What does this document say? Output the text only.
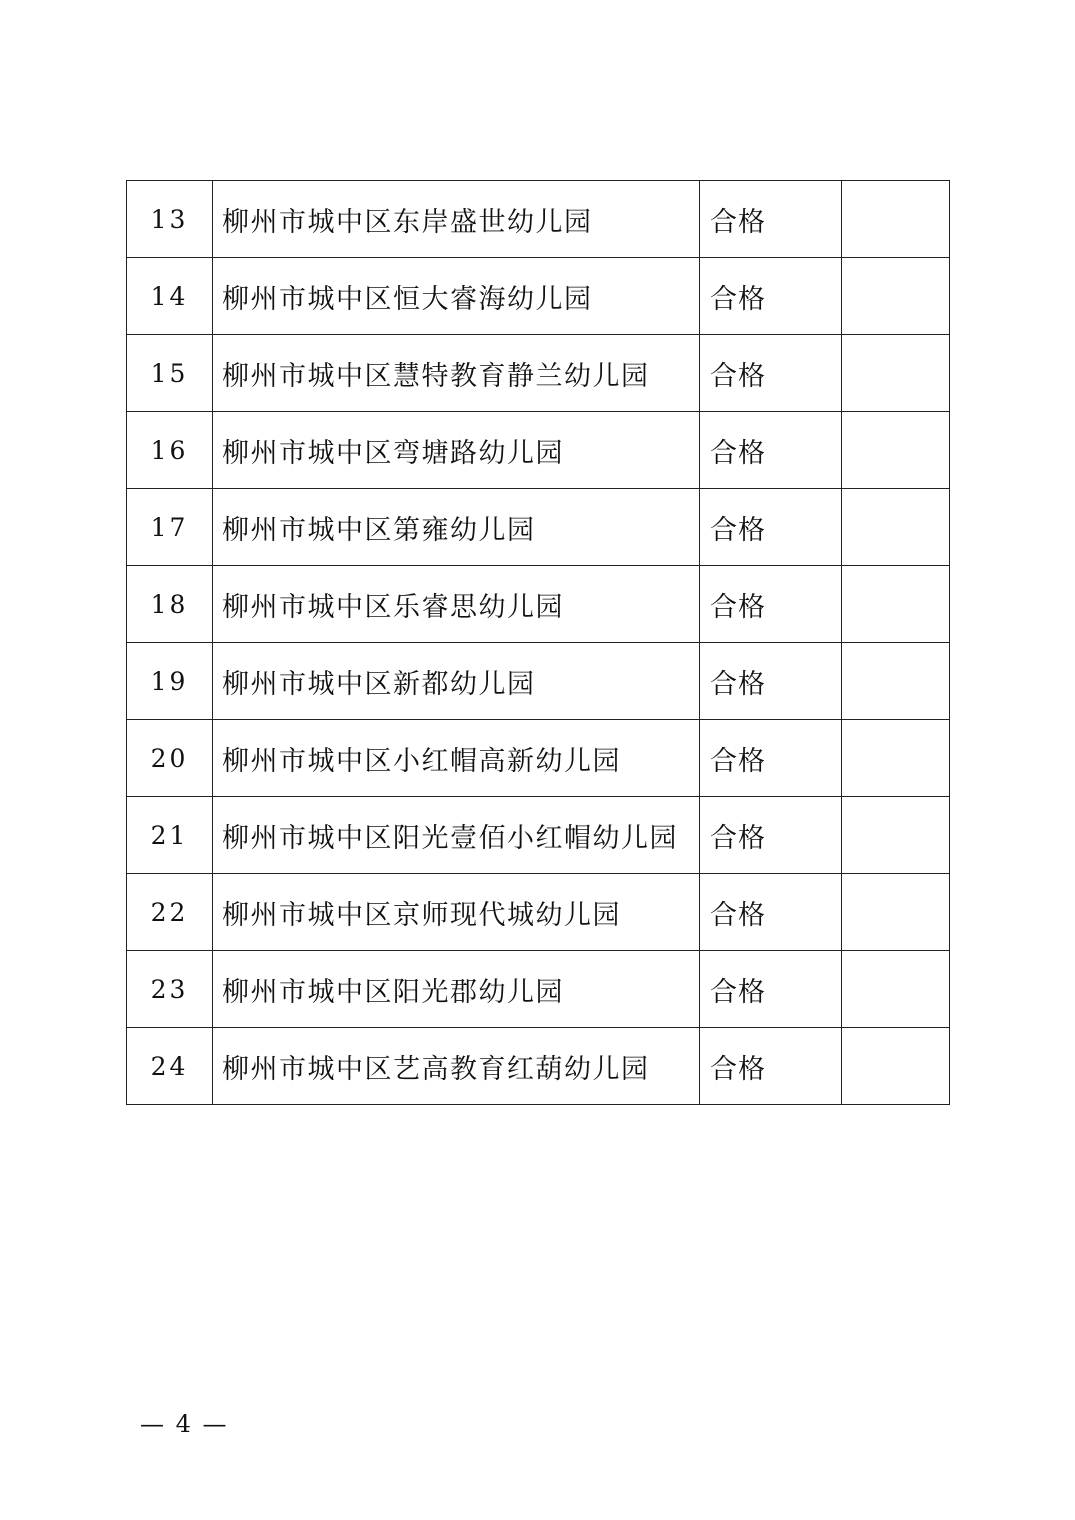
13	柳州市城中区东岸盛世幼儿园	合格	
14	柳州市城中区恒大睿海幼儿园	合格	
15	柳州市城中区慧特教育静兰幼儿园	合格	
16	柳州市城中区弯塘路幼儿园	合格	
17	柳州市城中区第雍幼儿园	合格	
18	柳州市城中区乐睿思幼儿园	合格	
19	柳州市城中区新都幼儿园	合格	
20	柳州市城中区小红帽高新幼儿园	合格	
21	柳州市城中区阳光壹佰小红帽幼儿园	合格	
22	柳州市城中区京师现代城幼儿园	合格	
23	柳州市城中区阳光郡幼儿园	合格	
24	柳州市城中区艺高教育红葫幼儿园	合格	
— 4 —
